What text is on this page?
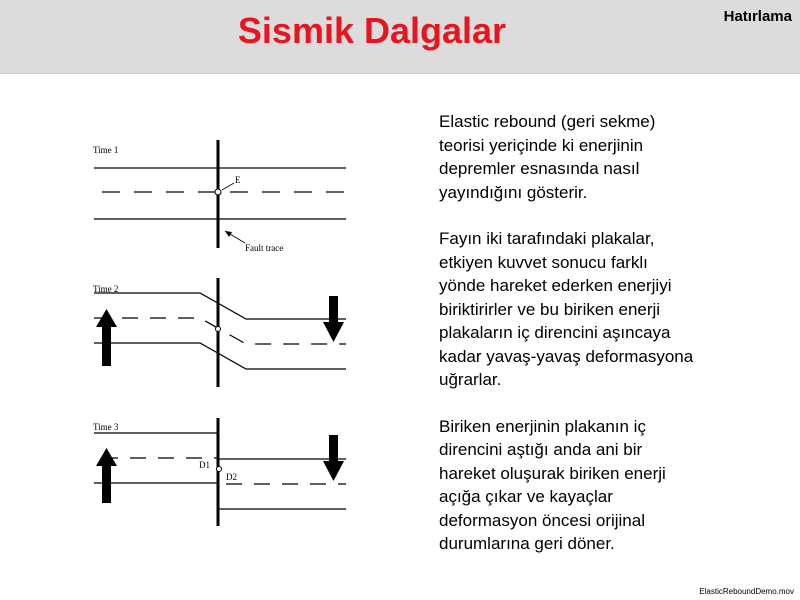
Sismik Dalgalar	Hatırlama
Time 1
E
Fault trace
Time 2
Time 3
D1
D2

Elastic rebound (geri sekme)
teorisi yeriçinde ki enerjinin
depremler esnasında nasıl
yayındığını gösterir.

Fayın iki tarafındaki plakalar,
etkiyen kuvvet sonucu farklı
yönde hareket ederken enerjiyi
biriktirirler ve bu biriken enerji
plakaların iç direncini aşıncaya
kadar yavaş-yavaş deformasyona
uğrarlar.

Biriken enerjinin plakanın iç
direncini aştığı anda ani bir
hareket oluşurak biriken enerji
açığa çıkar ve kayaçlar
deformasyon öncesi orijinal
durumlarına geri döner.

ElasticReboundDemo.mov
